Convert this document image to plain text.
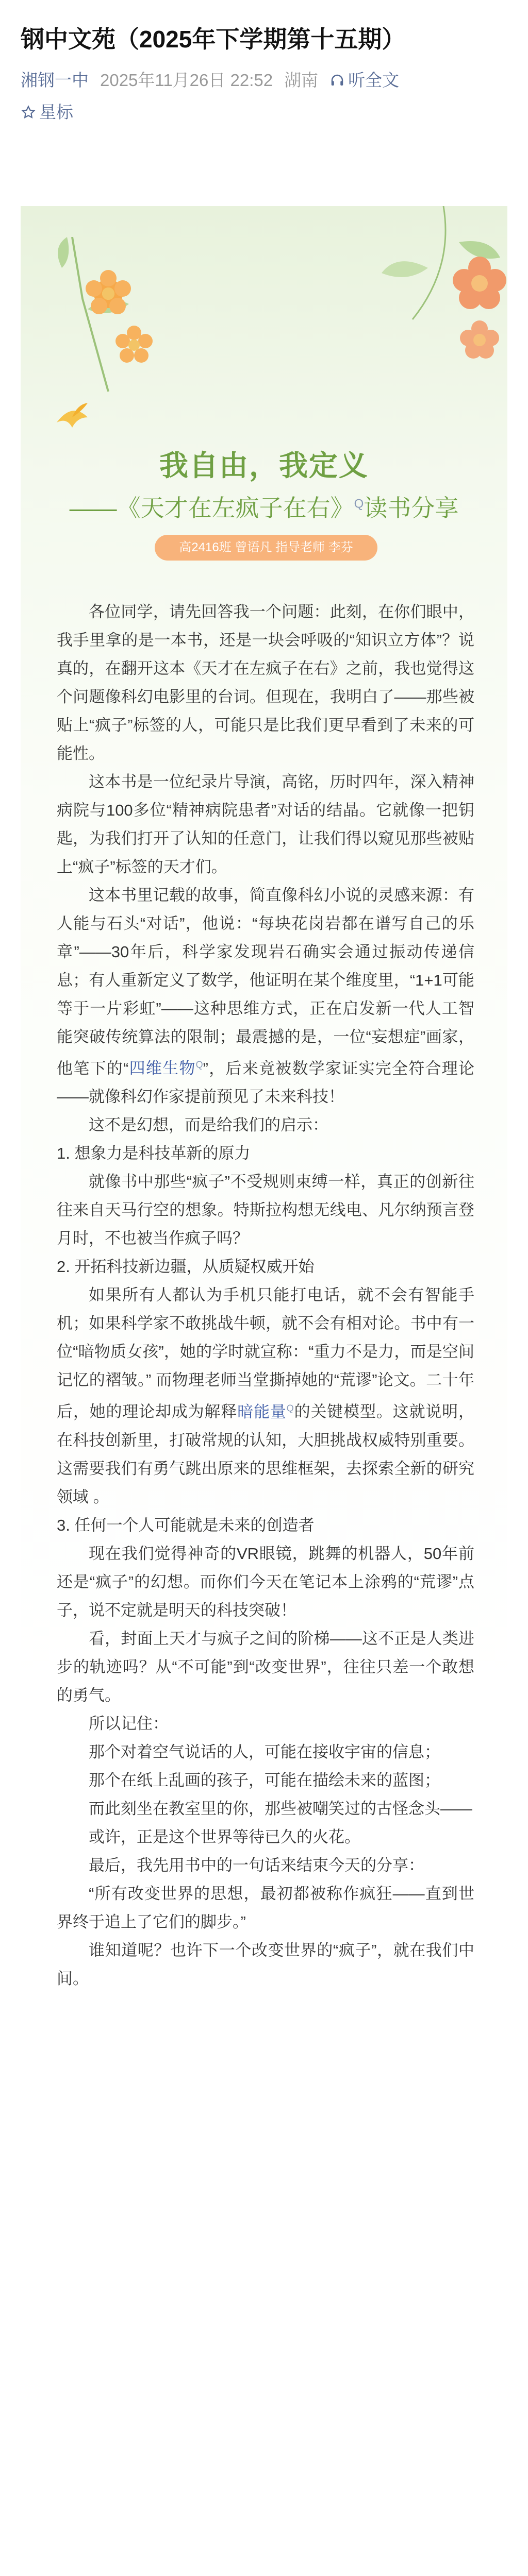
钢中文苑（2025年下学期第十五期）
湘钢一中 2025年11月26日 22:52 湖南 听全文
星标
我自由，我定义
——《天才在左疯子在右》$^Q$读书分享
高2416班 曾语凡 指导老师 李芬

各位同学，请先回答我一个问题：此刻，在你们眼中，我手里拿的是一本书，还是一块会呼吸的“知识立方体”？说真的，在翻开这本《天才在左疯子在右》之前，我也觉得这个问题像科幻电影里的台词。但现在，我明白了——那些被贴上“疯子”标签的人，可能只是比我们更早看到了未来的可能性。

这本书是一位纪录片导演，高铭，历时四年，深入精神病院与100多位“精神病院患者”对话的结晶。它就像一把钥匙，为我们打开了认知的任意门，让我们得以窥见那些被贴上“疯子”标签的天才们。

这本书里记载的故事，简直像科幻小说的灵感来源：有人能与石头“对话”，他说：“每块花岗岩都在谱写自己的乐章”——30年后，科学家发现岩石确实会通过振动传递信息；有人重新定义了数学，他证明在某个维度里，“1+1可能等于一片彩虹”——这种思维方式，正在启发新一代人工智能突破传统算法的限制；最震撼的是，一位“妄想症”画家，他笔下的“四维生物$^Q$”，后来竟被数学家证实完全符合理论——就像科幻作家提前预见了未来科技！

这不是幻想，而是给我们的启示：

1. 想象力是科技革新的原力

就像书中那些“疯子”不受规则束缚一样，真正的创新往往来自天马行空的想象。特斯拉构想无线电、凡尔纳预言登月时，不也被当作疯子吗？

2. 开拓科技新边疆，从质疑权威开始

如果所有人都认为手机只能打电话，就不会有智能手机；如果科学家不敢挑战牛顿，就不会有相对论。书中有一位“暗物质女孩”，她的学时就宣称：“重力不是力，而是空间记忆的褶皱。” 而物理老师当堂撕掉她的“荒谬”论文。二十年后，她的理论却成为解释暗能量$^Q$的关键模型。这就说明，在科技创新里，打破常规的认知，大胆挑战权威特别重要。这需要我们有勇气跳出原来的思维框架，去探索全新的研究领域 。

3. 任何一个人可能就是未来的创造者

现在我们觉得神奇的VR眼镜，跳舞的机器人，50年前还是“疯子”的幻想。而你们今天在笔记本上涂鸦的“荒谬”点子，说不定就是明天的科技突破！

看，封面上天才与疯子之间的阶梯——这不正是人类进步的轨迹吗？从“不可能”到“改变世界”，往往只差一个敢想的勇气。

所以记住：

那个对着空气说话的人，可能在接收宇宙的信息；

那个在纸上乱画的孩子，可能在描绘未来的蓝图；

而此刻坐在教室里的你，那些被嘲笑过的古怪念头——

或许，正是这个世界等待已久的火花。

最后，我先用书中的一句话来结束今天的分享：

“所有改变世界的思想，最初都被称作疯狂——直到世界终于追上了它们的脚步。”

谁知道呢？也许下一个改变世界的“疯子”，就在我们中间。
